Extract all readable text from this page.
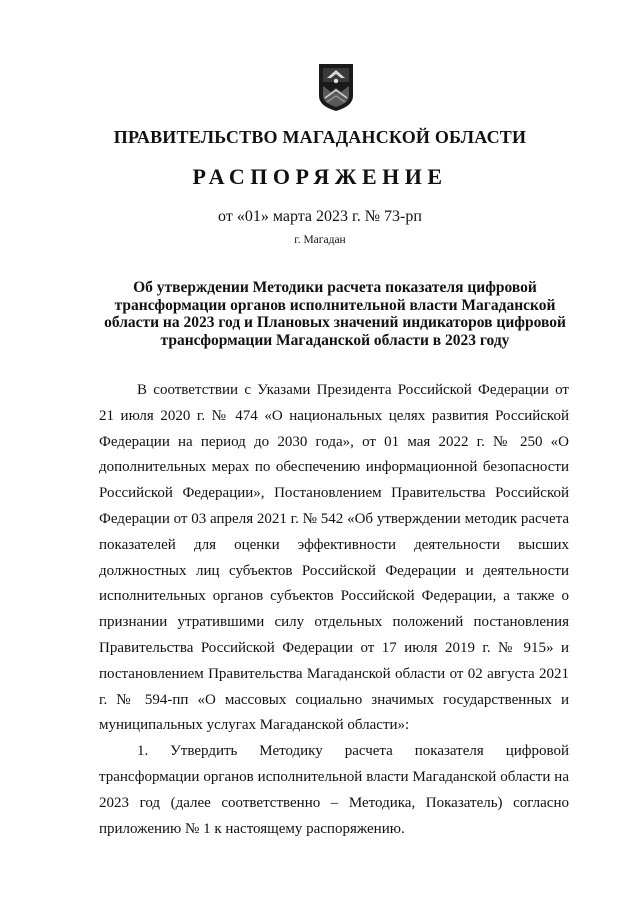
ПРАВИТЕЛЬСТВО МАГАДАНСКОЙ ОБЛАСТИ
РАСПОРЯЖЕНИЕ
от «01» марта 2023 г. № 73-рп
г. Магадан
Об утверждении Методики расчета показателя цифровой трансформации органов исполнительной власти Магаданской области на 2023 год и Плановых значений индикаторов цифровой трансформации Магаданской области в 2023 году

В соответствии с Указами Президента Российской Федерации от 21 июля 2020 г. № 474 «О национальных целях развития Российской Федерации на период до 2030 года», от 01 мая 2022 г. № 250 «О дополнительных мерах по обеспечению информационной безопасности Российской Федерации», Постановлением Правительства Российской Федерации от 03 апреля 2021 г. № 542 «Об утверждении методик расчета показателей для оценки эффективности деятельности высших должностных лиц субъектов Российской Федерации и деятельности исполнительных органов субъектов Российской Федерации, а также о признании утратившими силу отдельных положений постановления Правительства Российской Федерации от 17 июля 2019 г. № 915» и постановлением Правительства Магаданской области от 02 августа 2021 г. № 594-пп «О массовых социально значимых государственных и муниципальных услугах Магаданской области»:

1. Утвердить Методику расчета показателя цифровой трансформации органов исполнительной власти Магаданской области на 2023 год (далее соответственно – Методика, Показатель) согласно приложению № 1 к настоящему распоряжению.
